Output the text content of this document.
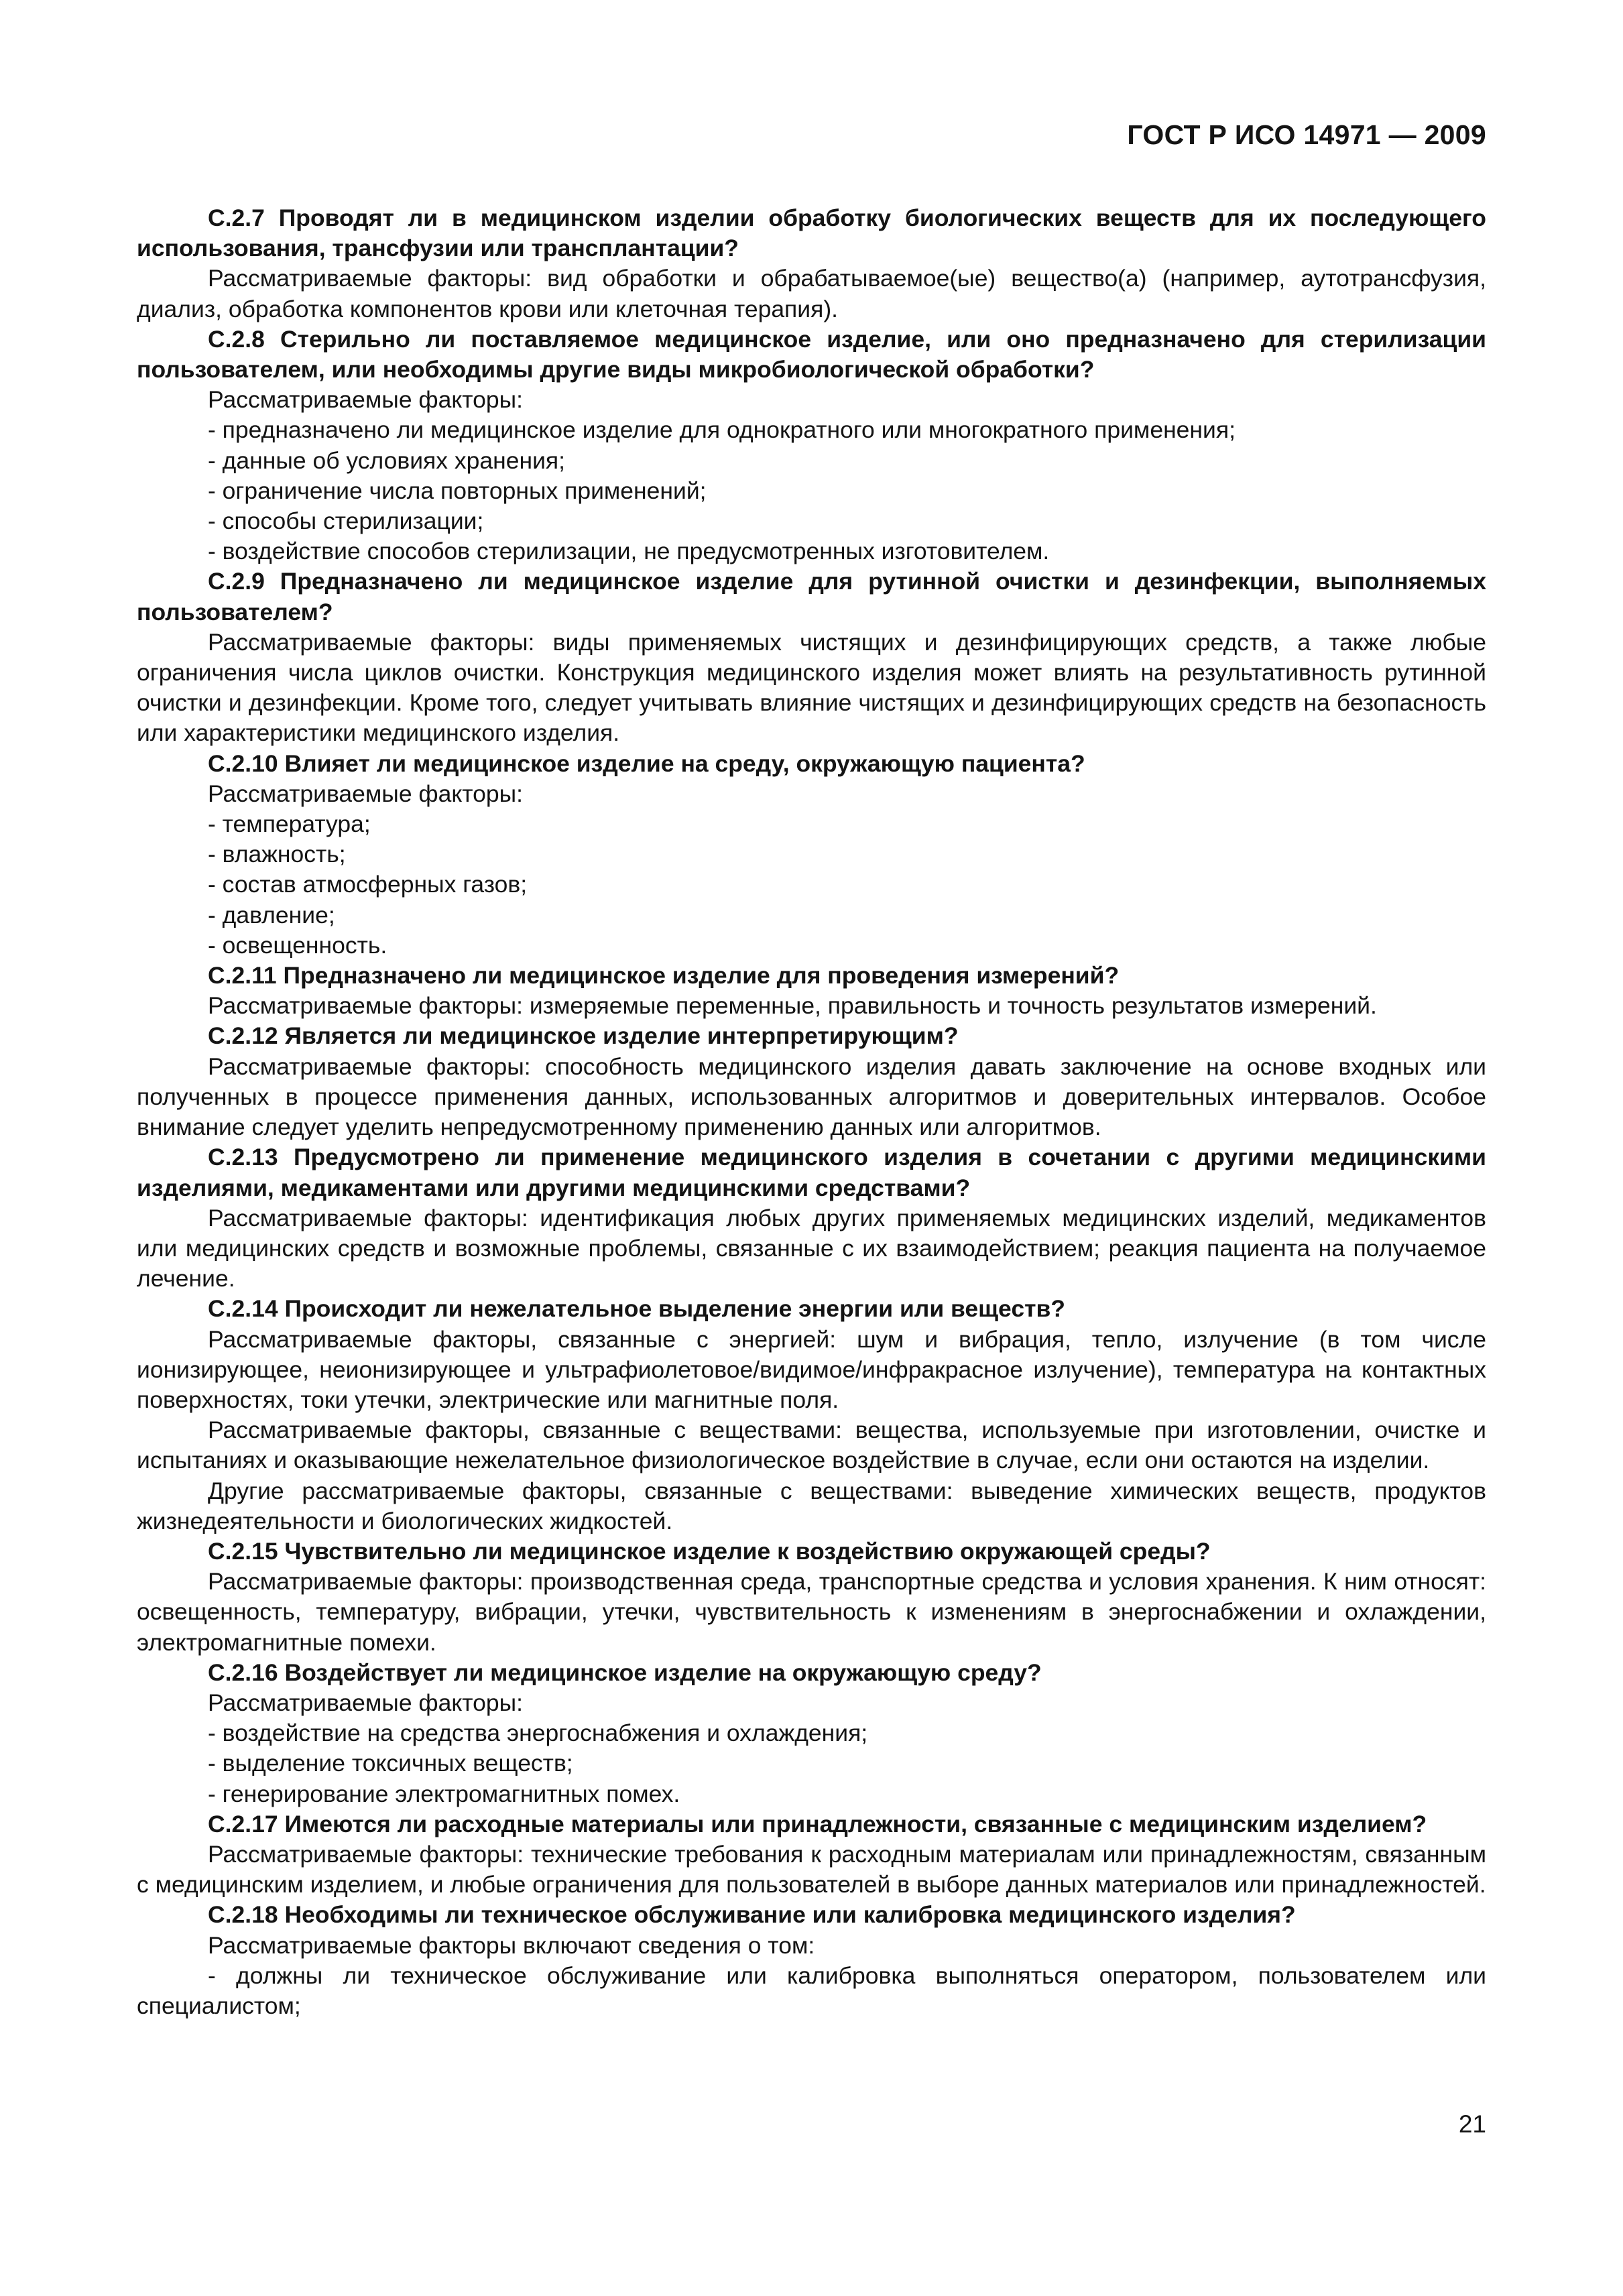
ГОСТ Р ИСО 14971 — 2009

C.2.7 Проводят ли в медицинском изделии обработку биологических веществ для их последующего использования, трансфузии или трансплантации?

Рассматриваемые факторы: вид обработки и обрабатываемое(ые) вещество(а) (например, аутотрансфузия, диализ, обработка компонентов крови или клеточная терапия).

C.2.8 Стерильно ли поставляемое медицинское изделие, или оно предназначено для стерилизации пользователем, или необходимы другие виды микробиологической обработки?

Рассматриваемые факторы:

- предназначено ли медицинское изделие для однократного или многократного применения;

- данные об условиях хранения;

- ограничение числа повторных применений;

- способы стерилизации;

- воздействие способов стерилизации, не предусмотренных изготовителем.

C.2.9 Предназначено ли медицинское изделие для рутинной очистки и дезинфекции, выполняемых пользователем?

Рассматриваемые факторы: виды применяемых чистящих и дезинфицирующих средств, а также любые ограничения числа циклов очистки. Конструкция медицинского изделия может влиять на результативность рутинной очистки и дезинфекции. Кроме того, следует учитывать влияние чистящих и дезинфицирующих средств на безопасность или характеристики медицинского изделия.

C.2.10 Влияет ли медицинское изделие на среду, окружающую пациента?

Рассматриваемые факторы:

- температура;

- влажность;

- состав атмосферных газов;

- давление;

- освещенность.

C.2.11 Предназначено ли медицинское изделие для проведения измерений?

Рассматриваемые факторы: измеряемые переменные, правильность и точность результатов измерений.

C.2.12 Является ли медицинское изделие интерпретирующим?

Рассматриваемые факторы: способность медицинского изделия давать заключение на основе входных или полученных в процессе применения данных, использованных алгоритмов и доверительных интервалов. Особое внимание следует уделить непредусмотренному применению данных или алгоритмов.

C.2.13 Предусмотрено ли применение медицинского изделия в сочетании с другими медицинскими изделиями, медикаментами или другими медицинскими средствами?

Рассматриваемые факторы: идентификация любых других применяемых медицинских изделий, медикаментов или медицинских средств и возможные проблемы, связанные с их взаимодействием; реакция пациента на получаемое лечение.

C.2.14 Происходит ли нежелательное выделение энергии или веществ?

Рассматриваемые факторы, связанные с энергией: шум и вибрация, тепло, излучение (в том числе ионизирующее, неионизирующее и ультрафиолетовое/видимое/инфракрасное излучение), температура на контактных поверхностях, токи утечки, электрические или магнитные поля.

Рассматриваемые факторы, связанные с веществами: вещества, используемые при изготовлении, очистке и испытаниях и оказывающие нежелательное физиологическое воздействие в случае, если они остаются на изделии.

Другие рассматриваемые факторы, связанные с веществами: выведение химических веществ, продуктов жизнедеятельности и биологических жидкостей.

C.2.15 Чувствительно ли медицинское изделие к воздействию окружающей среды?

Рассматриваемые факторы: производственная среда, транспортные средства и условия хранения. К ним относят: освещенность, температуру, вибрации, утечки, чувствительность к изменениям в энергоснабжении и охлаждении, электромагнитные помехи.

C.2.16 Воздействует ли медицинское изделие на окружающую среду?

Рассматриваемые факторы:

- воздействие на средства энергоснабжения и охлаждения;

- выделение токсичных веществ;

- генерирование электромагнитных помех.

C.2.17 Имеются ли расходные материалы или принадлежности, связанные с медицинским изделием?

Рассматриваемые факторы: технические требования к расходным материалам или принадлежностям, связанным с медицинским изделием, и любые ограничения для пользователей в выборе данных материалов или принадлежностей.

C.2.18 Необходимы ли техническое обслуживание или калибровка медицинского изделия?

Рассматриваемые факторы включают сведения о том:

- должны ли техническое обслуживание или калибровка выполняться оператором, пользователем или специалистом;

21
